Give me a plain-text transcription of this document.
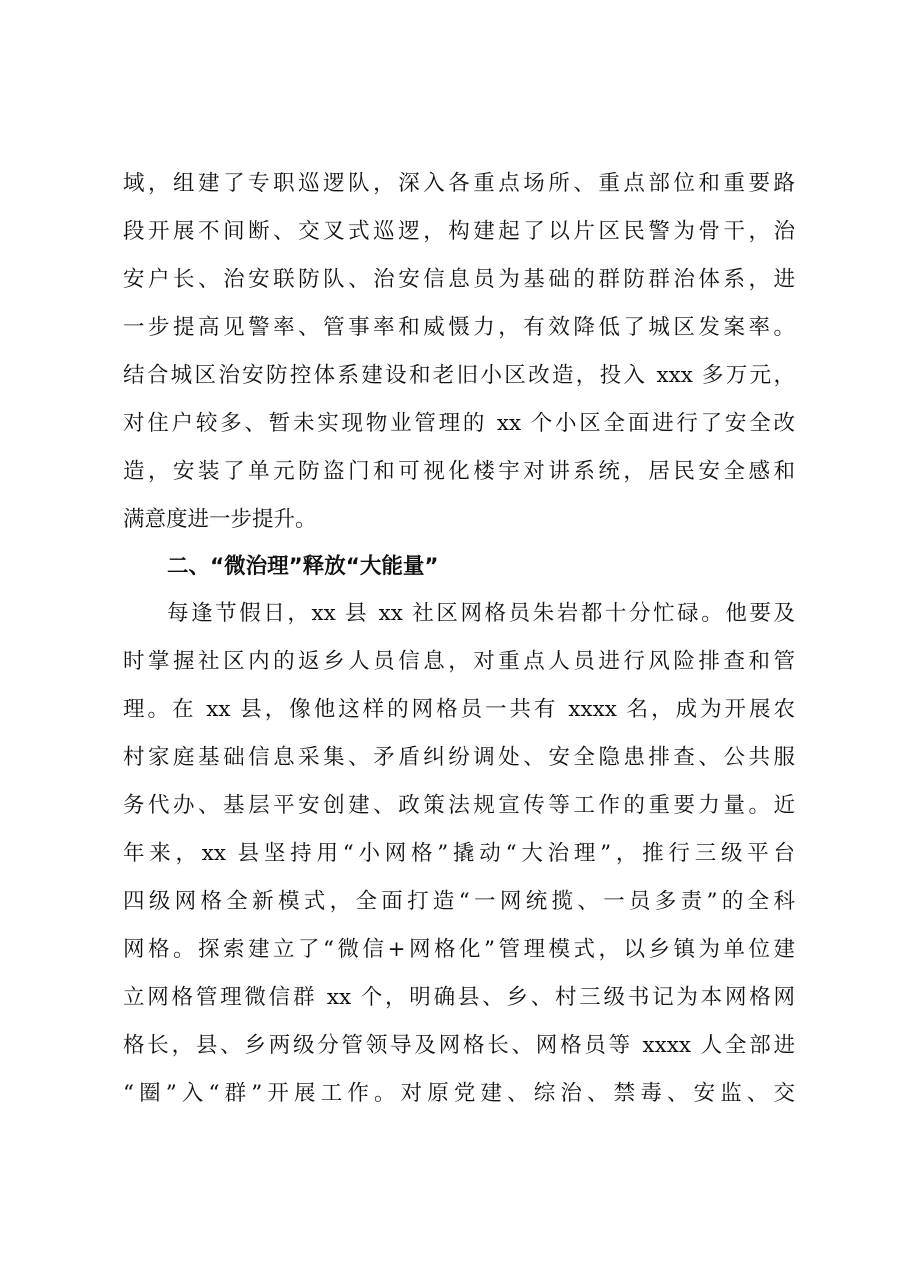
域，组建了专职巡逻队，深入各重点场所、重点部位和重要路
段开展不间断、交叉式巡逻，构建起了以片区民警为骨干，治
安户长、治安联防队、治安信息员为基础的群防群治体系，进
一步提高见警率、管事率和威慑力，有效降低了城区发案率。
结合城区治安防控体系建设和老旧小区改造，投入 xxx 多万元，
对住户较多、暂未实现物业管理的 xx 个小区全面进行了安全改
造，安装了单元防盗门和可视化楼宇对讲系统，居民安全感和
满意度进一步提升。
二、“微治理”释放“大能量”
每逢节假日，xx 县 xx 社区网格员朱岩都十分忙碌。他要及
时掌握社区内的返乡人员信息，对重点人员进行风险排查和管
理。在 xx 县，像他这样的网格员一共有 xxxx 名，成为开展农
村家庭基础信息采集、矛盾纠纷调处、安全隐患排查、公共服
务代办、基层平安创建、政策法规宣传等工作的重要力量。近
年来，xx 县坚持用“小网格”撬动“大治理”，推行三级平台
四级网格全新模式，全面打造“一网统揽、一员多责”的全科
网格。探索建立了“微信+网格化”管理模式，以乡镇为单位建
立网格管理微信群 xx 个，明确县、乡、村三级书记为本网格网
格长，县、乡两级分管领导及网格长、网格员等 xxxx 人全部进
“圈”入“群”开展工作。对原党建、综治、禁毒、安监、交
